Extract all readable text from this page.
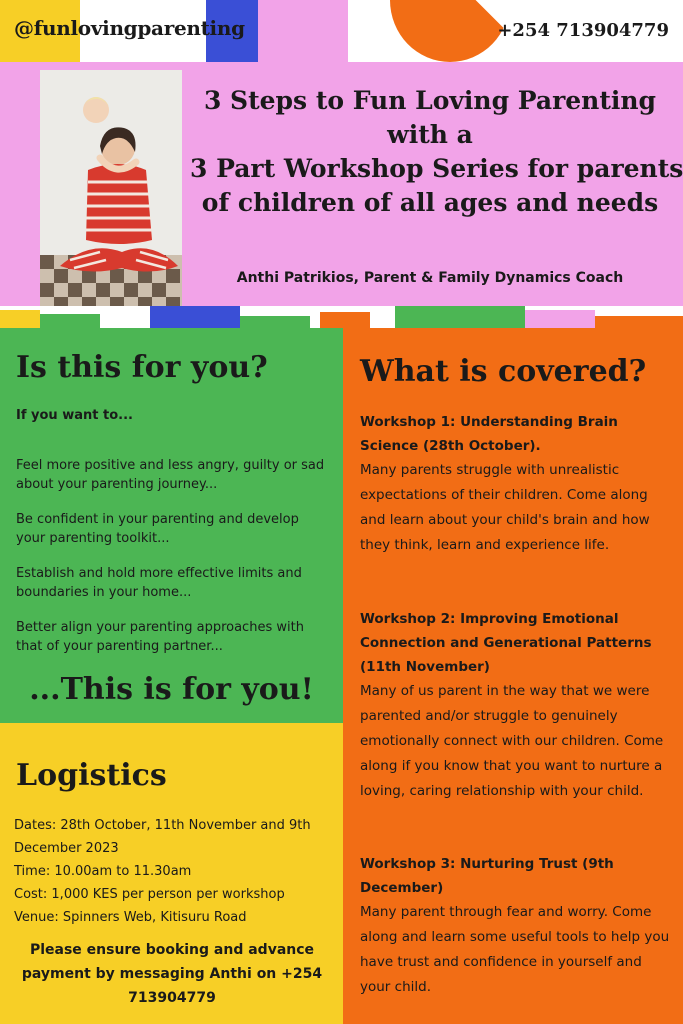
@funlovingparenting	+254 713904779
3 Steps to Fun Loving Parenting
with a
3 Part Workshop Series for parents
of children of all ages and needs
Anthi Patrikios, Parent & Family Dynamics Coach
Is this for you?
If you want to...
Feel more positive and less angry, guilty or sad about your parenting journey...
Be confident in your parenting and develop your parenting toolkit...
Establish and hold more effective limits and boundaries in your home...
Better align your parenting approaches with that of your parenting partner...
...This is for you!
Logistics
Dates: 28th October, 11th November and 9th December 2023
Time: 10.00am to 11.30am
Cost: 1,000 KES per person per workshop
Venue: Spinners Web, Kitisuru Road
Please ensure booking and advance payment by messaging Anthi on +254 713904779
What is covered?
Workshop 1: Understanding Brain Science (28th October).
Many parents struggle with unrealistic expectations of their children. Come along and learn about your child's brain and how they think, learn and experience life.
Workshop 2: Improving Emotional Connection and Generational Patterns (11th November)
Many of us parent in the way that we were parented and/or struggle to genuinely emotionally connect with our children. Come along if you know that you want to nurture a loving, caring relationship with your child.
Workshop 3: Nurturing Trust (9th December)
Many parent through fear and worry. Come along and learn some useful tools to help you have trust and confidence in yourself and your child.
